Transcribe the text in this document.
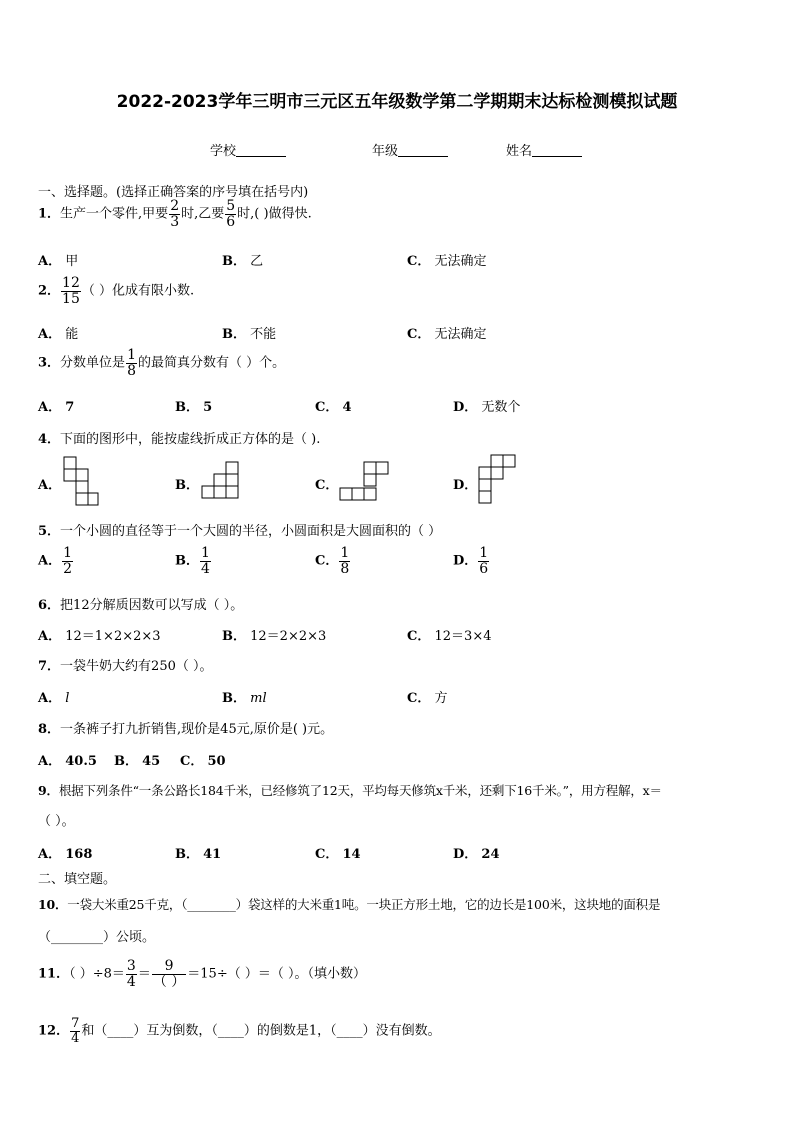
2022-2023学年三明市三元区五年级数学第二学期期末达标检测模拟试题
学校	年级	姓名
一、选择题。(选择正确答案的序号填在括号内)
1．生产一个零件,甲要 $\frac{2}{3}$ 时,乙要 $\frac{5}{6}$ 时,( )做得快.
A． 甲	B． 乙	C． 无法确定
2． $\frac{12}{15}$ （ ）化成有限小数.
A． 能	B． 不能	C． 无法确定
3．分数单位是 $\frac{1}{8}$ 的最简真分数有（ ）个。
A． 7	B． 5	C． 4	D． 无数个
4．下面的图形中，能按虚线折成正方体的是（ ).
A．	B．	C．	D．
5．一个小圆的直径等于一个大圆的半径，小圆面积是大圆面积的（ ）
A． $\frac{1}{2}$	B． $\frac{1}{4}$	C． $\frac{1}{8}$	D． $\frac{1}{6}$
6．把12分解质因数可以写成（ ）。
A． 12＝1×2×2×3	B． 12＝2×2×3	C． 12＝3×4
7．一袋牛奶大约有250（ ）。
A． l	B． ml	C． 方
8．一条裤子打九折销售,现价是45元,原价是( )元。
A． 40.5 B． 45 C． 50
9．根据下列条件“一条公路长184千米，已经修筑了12天，平均每天修筑x千米，还剩下16千米。”，用方程解，x＝
（ ）。
A． 168	B． 41	C． 14	D． 24
二、填空题。
10．一袋大米重25千克，（________）袋这样的大米重1吨。一块正方形土地，它的边长是100米，这块地的面积是
（________）公顷。
11．（ ）$\div 8= \frac{3}{4} = \frac{9}{( )} =15\div$（ ）＝（ ）。（填小数）
12． $\frac{7}{4}$ 和（____）互为倒数，（____）的倒数是1，（____）没有倒数。
